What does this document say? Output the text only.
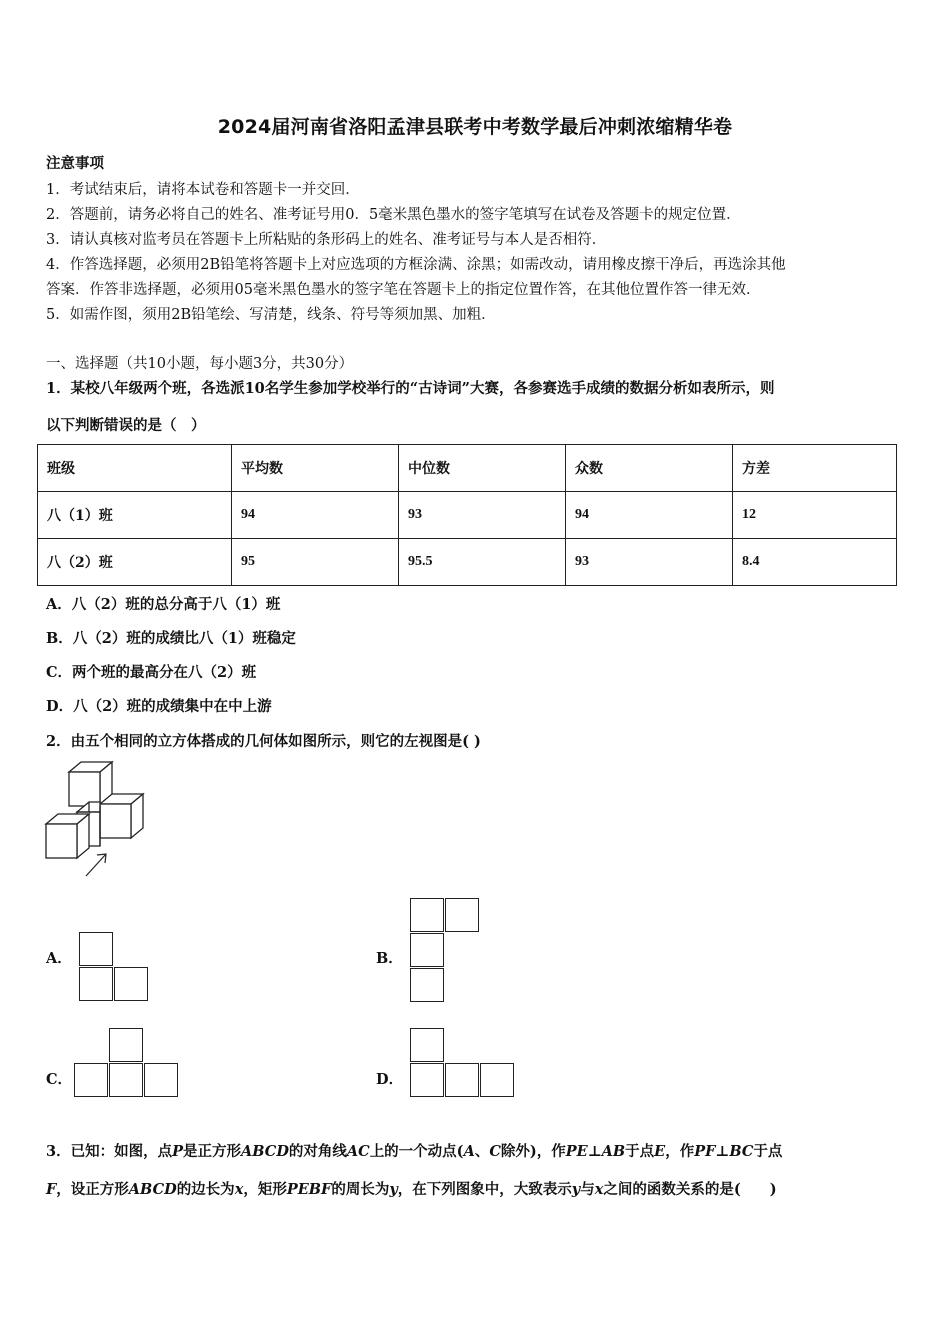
2024届河南省洛阳孟津县联考中考数学最后冲刺浓缩精华卷
注意事项
1．考试结束后，请将本试卷和答题卡一并交回．
2．答题前，请务必将自己的姓名、准考证号用0．5毫米黑色墨水的签字笔填写在试卷及答题卡的规定位置．
3．请认真核对监考员在答题卡上所粘贴的条形码上的姓名、准考证号与本人是否相符．
4．作答选择题，必须用2B铅笔将答题卡上对应选项的方框涂满、涂黑；如需改动，请用橡皮擦干净后，再选涂其他
答案．作答非选择题，必须用05毫米黑色墨水的签字笔在答题卡上的指定位置作答，在其他位置作答一律无效．
5．如需作图，须用2B铅笔绘、写清楚，线条、符号等须加黑、加粗．
一、选择题（共10小题，每小题3分，共30分）
1．某校八年级两个班，各选派10名学生参加学校举行的“古诗词”大赛，各参赛选手成绩的数据分析如表所示，则
以下判断错误的是（　）
班级	平均数	中位数	众数	方差
八（1）班	94	93	94	12
八（2）班	95	95.5	93	8.4
A．八（2）班的总分高于八（1）班
B．八（2）班的成绩比八（1）班稳定
C．两个班的最高分在八（2）班
D．八（2）班的成绩集中在中上游
2．由五个相同的立方体搭成的几何体如图所示，则它的左视图是( )
A．	B．
C．	D．
3．已知：如图，点P是正方形ABCD的对角线AC上的一个动点(A、C除外)，作PE⊥AB于点E，作PF⊥BC于点
F，设正方形ABCD的边长为x，矩形PEBF的周长为y，在下列图象中，大致表示y与x之间的函数关系的是(　　)
